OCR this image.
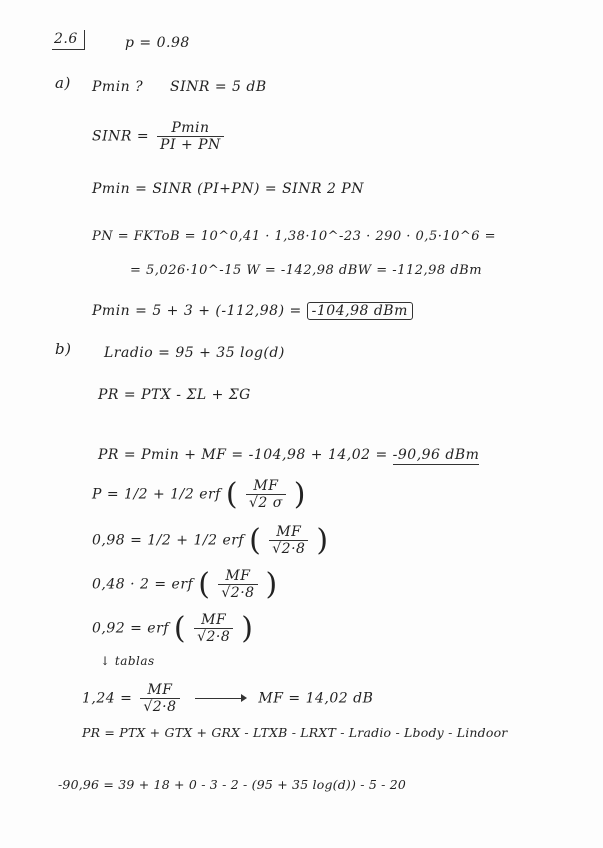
2.6	p = 0.98
a) Pmin ? SINR = 5 dB
SINR = $\frac{Pmin}{PI + PN}$
Pmin = SINR (PI+PN) = SINR 2 PN
PN = FKToB = 10^0,41 · 1,38·10^-23 · 290 · 0,5·10^6 =
= 5,026·10^-15 W = -142,98 dBW = -112,98 dBm
Pmin = 5 + 3 + (-112,98) = -104,98 dBm
b) Lradio = 95 + 35 log(d)
PR = PTX - ΣL + ΣG
PR = Pmin + MF = -104,98 + 14,02 = -90,96 dBm
P = 1/2 + 1/2 erf ( $\frac{MF}{√2 \sigma}$ )
0,98 = 1/2 + 1/2 erf ( $\frac{MF}{√2\cdot 8}$ )
0,48 · 2 = erf ( $\frac{MF}{√2\cdot 8}$ )
0,92 = erf ( $\frac{MF}{√2\cdot 8}$ )
↓ tablas
$1,24 = \frac{MF}{√2\cdot 8}$	MF = 14,02 dB
PR = PTX + GTX + GRX - LTXB - LRXT - Lradio - Lbody - Lindoor
-90,96 = 39 + 18 + 0 - 3 - 2 - (95 + 35 log(d)) - 5 - 20
